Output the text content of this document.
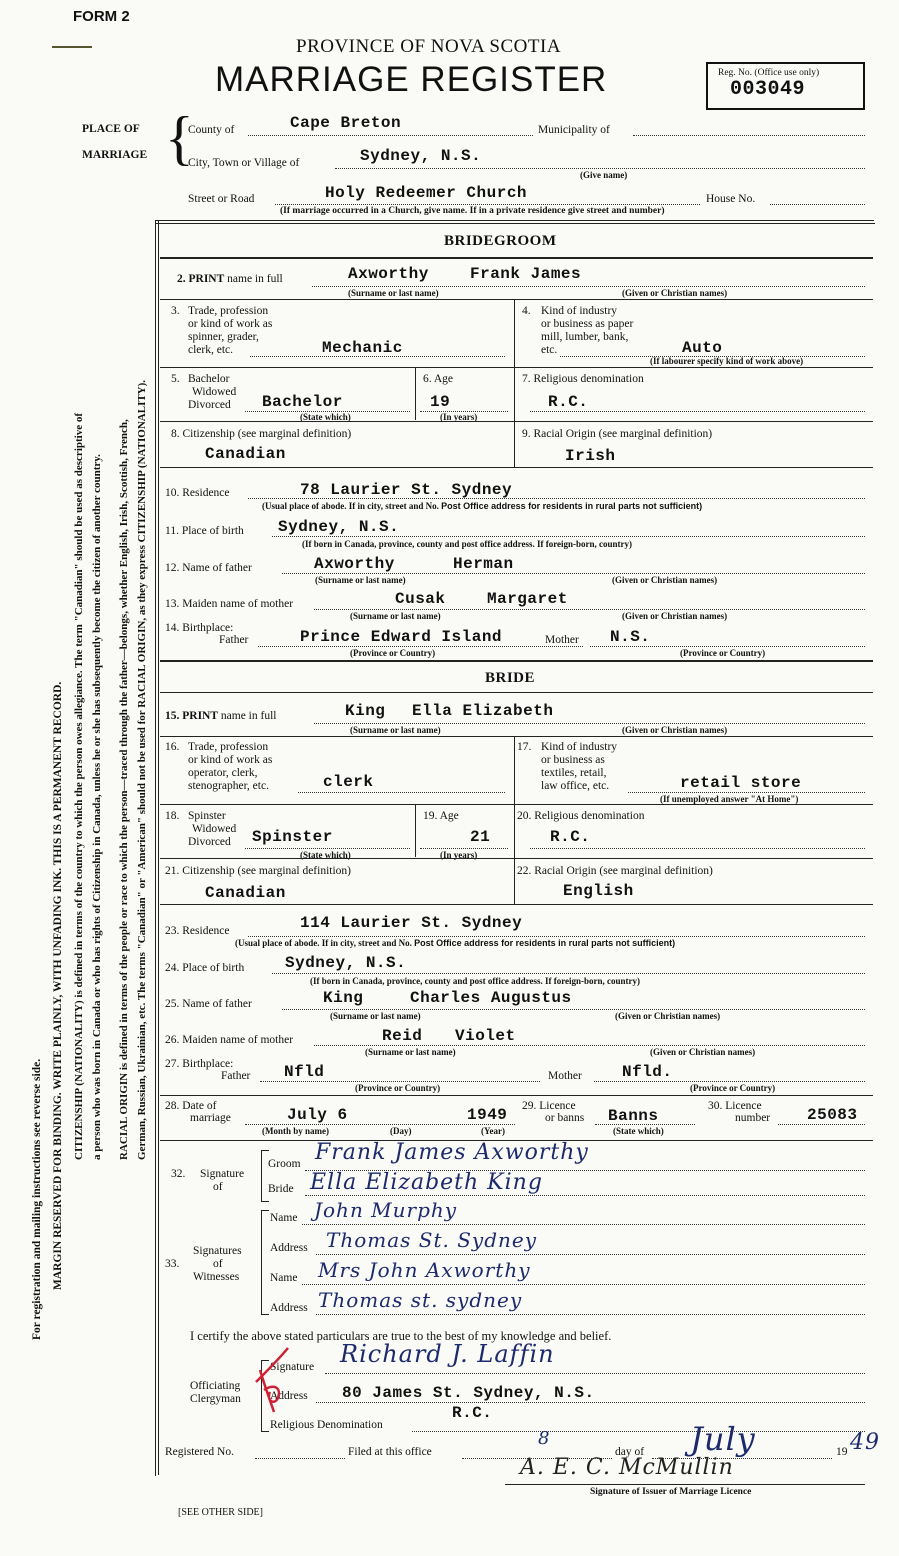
FORM 2
PROVINCE OF NOVA SCOTIA
MARRIAGE REGISTER	Reg. No. (Office use only)
003049
For registration and mailing instructions see reverse side. MARGIN RESERVED FOR BINDING. WRITE PLAINLY, WITH UNFADING INK. THIS IS A PERMANENT RECORD. CITIZENSHIP (NATIONALITY) is defined in terms of the country to which the person owes allegiance. The term "Canadian" should be used as descriptive of a person who was born in Canada or who has rights of Citizenship in Canada, unless he or she has subsequently become the citizen of another country. RACIAL ORIGIN is defined in terms of the people or race to which the person—traced through the father—belongs, whether English, Irish, Scottish, French, German, Russian, Ukrainian, etc. The terms "Canadian" or "American" should not be used for RACIAL ORIGIN, as they express CITIZENSHIP (NATIONALITY).
PLACE OF
MARRIAGE {
County of	Cape Breton	Municipality of
City, Town or Village of	Sydney, N.S.
(Give name)
Street or Road	Holy Redeemer Church	House No.
(If marriage occurred in a Church, give name. If in a private residence give street and number)
BRIDEGROOM
2. PRINT name in full	Axworthy	Frank James
(Surname or last name)	(Given or Christian names)
3. Trade, profession
or kind of work as
spinner, grader,
clerk, etc.	Mechanic
4. Kind of industry
or business as paper
mill, lumber, bank,
etc.	Auto
(If labourer specify kind of work above)
5. Bachelor
Widowed
Divorced Bachelor
(State which)
6. Age
19
(In years)
7. Religious denomination
R.C.
8. Citizenship (see marginal definition)
Canadian
9. Racial Origin (see marginal definition)
Irish
10. Residence	78 Laurier St. Sydney
(Usual place of abode. If in city, street and No. Post Office address for residents in rural parts not sufficient)
11. Place of birth Sydney, N.S.
(If born in Canada, province, county and post office address. If foreign-born, country)
12. Name of father	Axworthy	Herman
(Surname or last name)	(Given or Christian names)
13. Maiden name of mother	Cusak	Margaret
(Surname or last name)	(Given or Christian names)
14. Birthplace:
Father	Prince Edward Island	Mother N.S.
(Province or Country)	(Province or Country)
BRIDE
15. PRINT name in full	King Ella Elizabeth
(Surname or last name)	(Given or Christian names)
16. Trade, profession
or kind of work as
operator, clerk,
stenographer, etc.	clerk
17. Kind of industry
or business as
textiles, retail,
law office, etc.	retail store
(If unemployed answer "At Home")
18. Spinster
Widowed
Divorced Spinster
(State which)
19. Age
21
(In years)
20. Religious denomination
R.C.
21. Citizenship (see marginal definition)
Canadian
22. Racial Origin (see marginal definition)
English
23. Residence	114 Laurier St. Sydney
(Usual place of abode. If in city, street and No. Post Office address for residents in rural parts not sufficient)
24. Place of birth	Sydney, N.S.
(If born in Canada, province, county and post office address. If foreign-born, country)
25. Name of father	King	Charles Augustus
(Surname or last name)	(Given or Christian names)
26. Maiden name of mother	Reid Violet
(Surname or last name)	(Given or Christian names)
27. Birthplace:
Father Nfld	Mother	Nfld.
(Province or Country)	(Province or Country)
28. Date of
marriage	July 6	1949
(Month by name)	(Day)	(Year)
29. Licence
or banns Banns
(State which)
30. Licence
number 25083
32. Signature
of
Groom Frank James Axworthy
Bride Ella Elizabeth King
33.
Signatures
of
Witnesses
Name John Murphy
Address Thomas St. Sydney
Name Mrs John Axworthy
Address Thomas st. sydney
I certify the above stated particulars are true to the best of my knowledge and belief.
Officiating
Clergyman
Signature Richard J. Laffin
Address 80 James St. Sydney, N.S.
Religious Denomination
R.C.
Registered No.	Filed at this office
8
day of July	19 49
A. E. C. McMullin
Signature of Issuer of Marriage Licence
[SEE OTHER SIDE]
